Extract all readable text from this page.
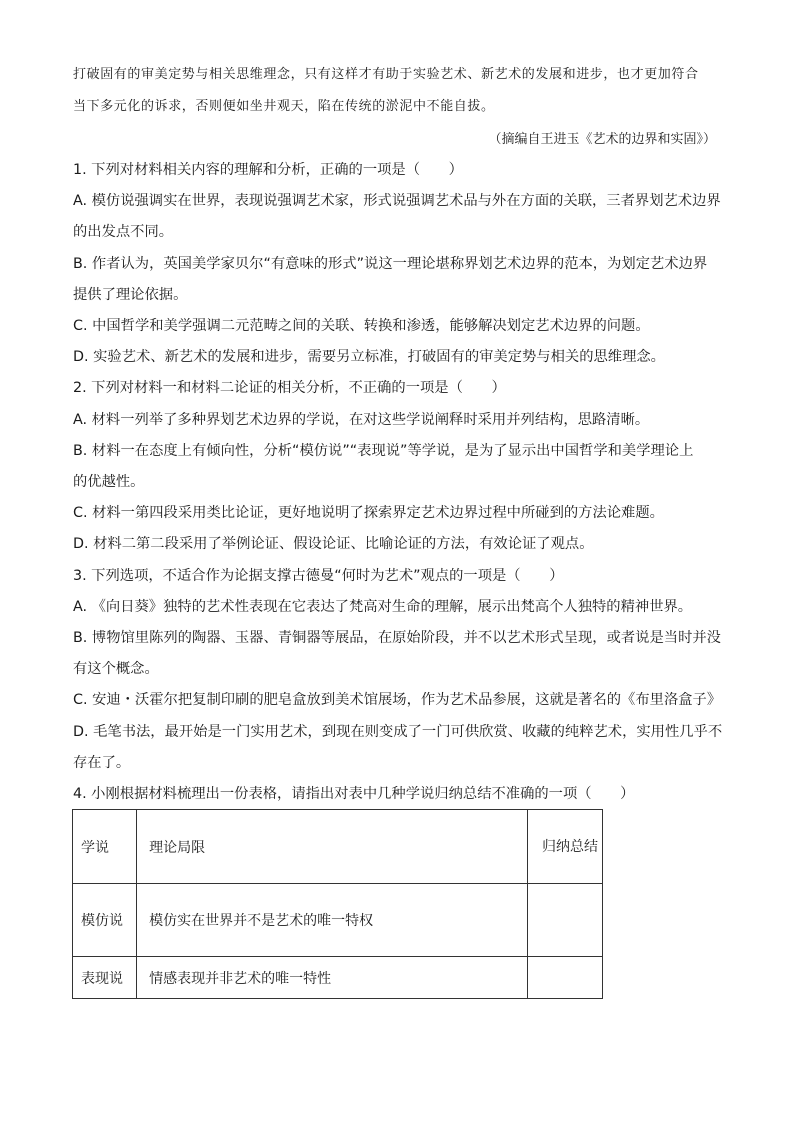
打破固有的审美定势与相关思维理念，只有这样才有助于实验艺术、新艺术的发展和进步，也才更加符合
当下多元化的诉求，否则便如坐井观天，陷在传统的淤泥中不能自拔。
（摘编自王进玉《艺术的边界和实固》）
1. 下列对材料相关内容的理解和分析，正确的一项是（　　）
A. 模仿说强调实在世界，表现说强调艺术家，形式说强调艺术品与外在方面的关联，三者界划艺术边界
的出发点不同。
B. 作者认为，英国美学家贝尔“有意味的形式”说这一理论堪称界划艺术边界的范本，为划定艺术边界
提供了理论依据。
C. 中国哲学和美学强调二元范畴之间的关联、转换和渗透，能够解决划定艺术边界的问题。
D. 实验艺术、新艺术的发展和进步，需要另立标准，打破固有的审美定势与相关的思维理念。
2. 下列对材料一和材料二论证的相关分析，不正确的一项是（　　）
A. 材料一列举了多种界划艺术边界的学说，在对这些学说阐释时采用并列结构，思路清晰。
B. 材料一在态度上有倾向性，分析“模仿说”“表现说”等学说，是为了显示出中国哲学和美学理论上
的优越性。
C. 材料一第四段采用类比论证，更好地说明了探索界定艺术边界过程中所碰到的方法论难题。
D. 材料二第二段采用了举例论证、假设论证、比喻论证的方法，有效论证了观点。
3. 下列选项，不适合作为论据支撑古德曼“何时为艺术”观点的一项是（　　）
A. 《向日葵》独特的艺术性表现在它表达了梵高对生命的理解，展示出梵高个人独特的精神世界。
B. 博物馆里陈列的陶器、玉器、青铜器等展品，在原始阶段，并不以艺术形式呈现，或者说是当时并没
有这个概念。
C. 安迪・沃霍尔把复制印刷的肥皂盒放到美术馆展场，作为艺术品参展，这就是著名的《布里洛盒子》
D. 毛笔书法，最开始是一门实用艺术，到现在则变成了一门可供欣赏、收藏的纯粹艺术，实用性几乎不
存在了。
4. 小刚根据材料梳理出一份表格，请指出对表中几种学说归纳总结不准确的一项（　　）
学说	理论局限	归纳总结

模仿说	模仿实在世界并不是艺术的唯一特权	
表现说	情感表现并非艺术的唯一特性	
